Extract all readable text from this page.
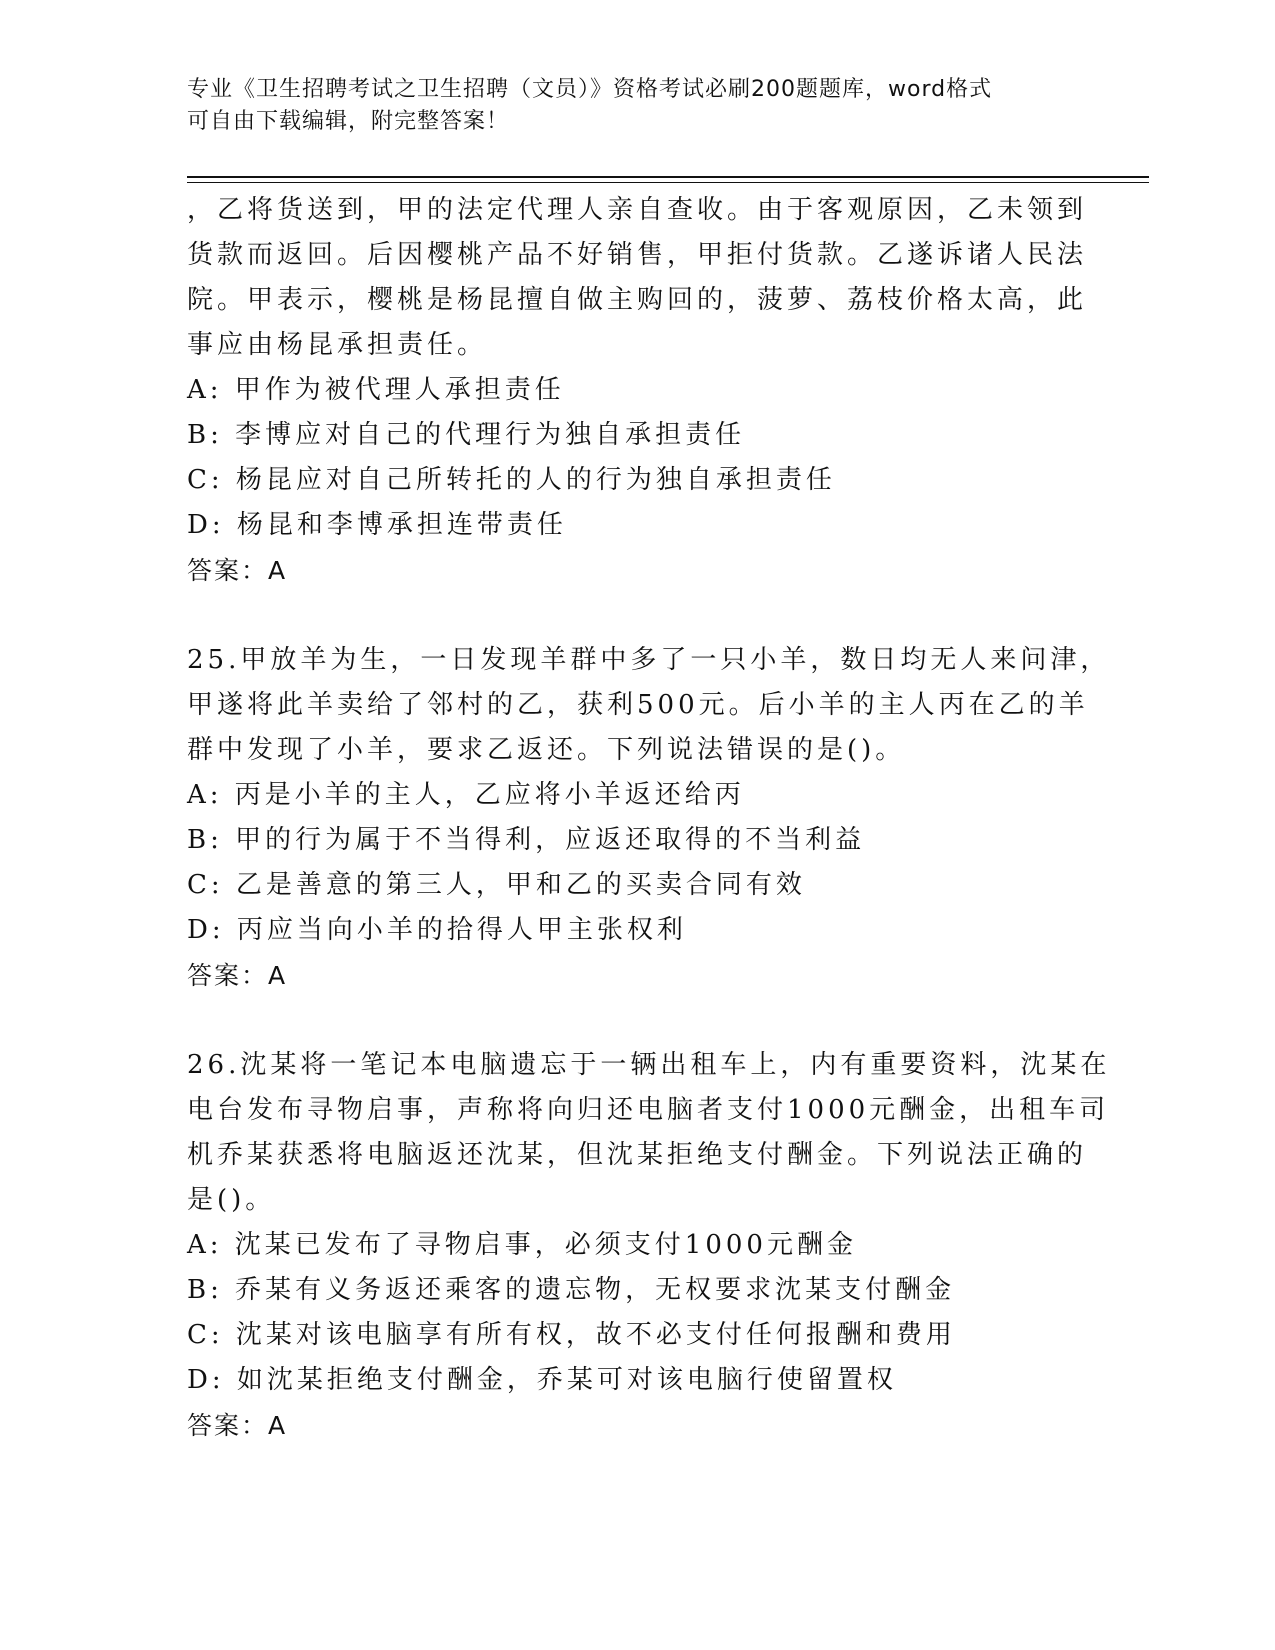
专业《卫生招聘考试之卫生招聘（文员）》资格考试必刷200题题库，word格式
可自由下载编辑，附完整答案！
，乙将货送到，甲的法定代理人亲自查收。由于客观原因，乙未领到
货款而返回。后因樱桃产品不好销售，甲拒付货款。乙遂诉诸人民法
院。甲表示，樱桃是杨昆擅自做主购回的，菠萝、荔枝价格太高，此
事应由杨昆承担责任。
A: 甲作为被代理人承担责任
B: 李博应对自己的代理行为独自承担责任
C: 杨昆应对自己所转托的人的行为独自承担责任
D: 杨昆和李博承担连带责任
答案：A
25.甲放羊为生，一日发现羊群中多了一只小羊，数日均无人来问津，
甲遂将此羊卖给了邻村的乙，获利500元。后小羊的主人丙在乙的羊
群中发现了小羊，要求乙返还。下列说法错误的是()。
A: 丙是小羊的主人，乙应将小羊返还给丙
B: 甲的行为属于不当得利，应返还取得的不当利益
C: 乙是善意的第三人，甲和乙的买卖合同有效
D: 丙应当向小羊的拾得人甲主张权利
答案：A
26.沈某将一笔记本电脑遗忘于一辆出租车上，内有重要资料，沈某在
电台发布寻物启事，声称将向归还电脑者支付1000元酬金，出租车司
机乔某获悉将电脑返还沈某，但沈某拒绝支付酬金。下列说法正确的
是()。
A: 沈某已发布了寻物启事，必须支付1000元酬金
B: 乔某有义务返还乘客的遗忘物，无权要求沈某支付酬金
C: 沈某对该电脑享有所有权，故不必支付任何报酬和费用
D: 如沈某拒绝支付酬金，乔某可对该电脑行使留置权
答案：A
